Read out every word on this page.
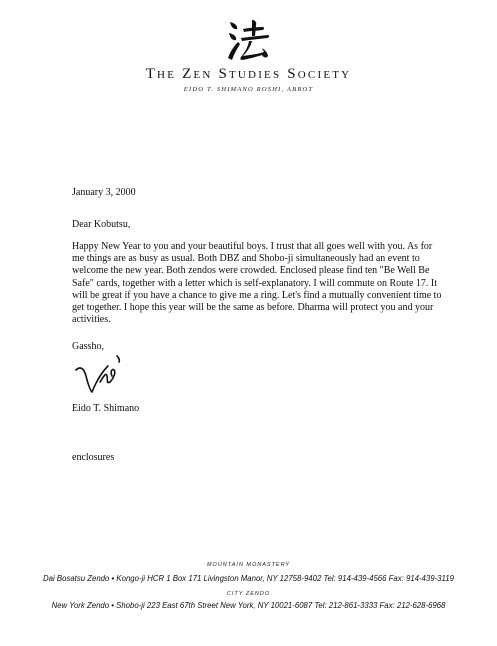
The Zen Studies Society
EIDO T. SHIMANO ROSHI, ABBOT
January 3, 2000
Dear Kobutsu,
Happy New Year to you and your beautiful boys. I trust that all goes well with you. As for me things are as busy as usual. Both DBZ and Shobo-ji simultaneously had an event to welcome the new year. Both zendos were crowded. Enclosed please find ten "Be Well Be Safe" cards, together with a letter which is self-explanatory. I will commute on Route 17. It will be great if you have a chance to give me a ring. Let's find a mutually convenient time to get together. I hope this year will be the same as before. Dharma will protect you and your activities.
Gassho,
Eido T. Shimano
enclosures
MOUNTAIN MONASTERY
Dai Bosatsu Zendo • Kongo-ji HCR 1 Box 171 Livingston Manor, NY 12758-9402 Tel: 914-439-4566 Fax: 914-439-3119
CITY ZENDO
New York Zendo • Shobo-ji 223 East 67th Street New York, NY 10021-6087 Tel: 212-861-3333 Fax: 212-628-6968
